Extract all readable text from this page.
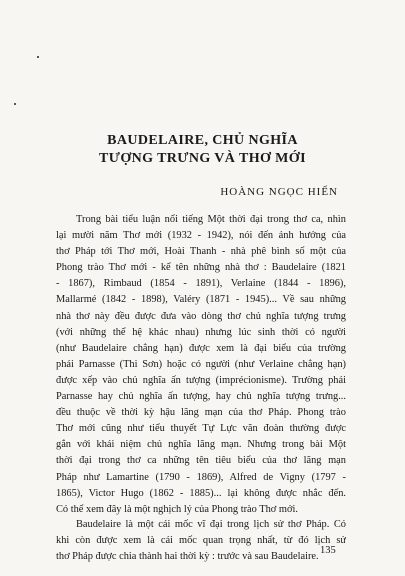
BAUDELAIRE, CHỦ NGHĨA
TƯỢNG TRƯNG VÀ THƠ MỚI
HOÀNG NGỌC HIẾN
Trong bài tiểu luận nổi tiếng Một thời đại trong thơ ca, nhìn
lại mười năm Thơ mới (1932 - 1942), nói đến ảnh hưởng của
thơ Pháp tới Thơ mới, Hoài Thanh - nhà phê bình số một của
Phong trào Thơ mới - kể tên những nhà thơ : Baudelaire (1821
- 1867), Rimbaud (1854 - 1891), Verlaine (1844 - 1896),
Mallarmé (1842 - 1898), Valéry (1871 - 1945)... Về sau những
nhà thơ này đều được đưa vào dòng thơ chủ nghĩa tượng trưng
(với những thể hệ khác nhau) nhưng lúc sinh thời có người
(như Baudelaire chẳng hạn) được xem là đại biểu của trường
phái Parnasse (Thi Sơn) hoặc có người (như Verlaine chẳng hạn)
được xếp vào chủ nghĩa ấn tượng (imprécionisme). Trường phái
Parnasse hay chủ nghĩa ấn tượng, hay chủ nghĩa tượng trưng...
đều thuộc về thời kỳ hậu lãng mạn của thơ Pháp. Phong trào
Thơ mới cũng như tiểu thuyết Tự Lực văn đoàn thường được
gắn với khái niệm chủ nghĩa lãng mạn. Nhưng trong bài Một
thời đại trong thơ ca những tên tiêu biểu của thơ lãng mạn
Pháp như Lamartine (1790 - 1869), Alfred de Vigny (1797 -
1865), Victor Hugo (1862 - 1885)... lại không được nhắc đến.
Có thể xem đây là một nghịch lý của Phong trào Thơ mới.
Baudelaire là một cái mốc vĩ đại trong lịch sử thơ Pháp. Có
khi còn được xem là cái mốc quan trọng nhất, từ đó lịch sử
thơ Pháp được chia thành hai thời kỳ : trước và sau Baudelaire.
135
